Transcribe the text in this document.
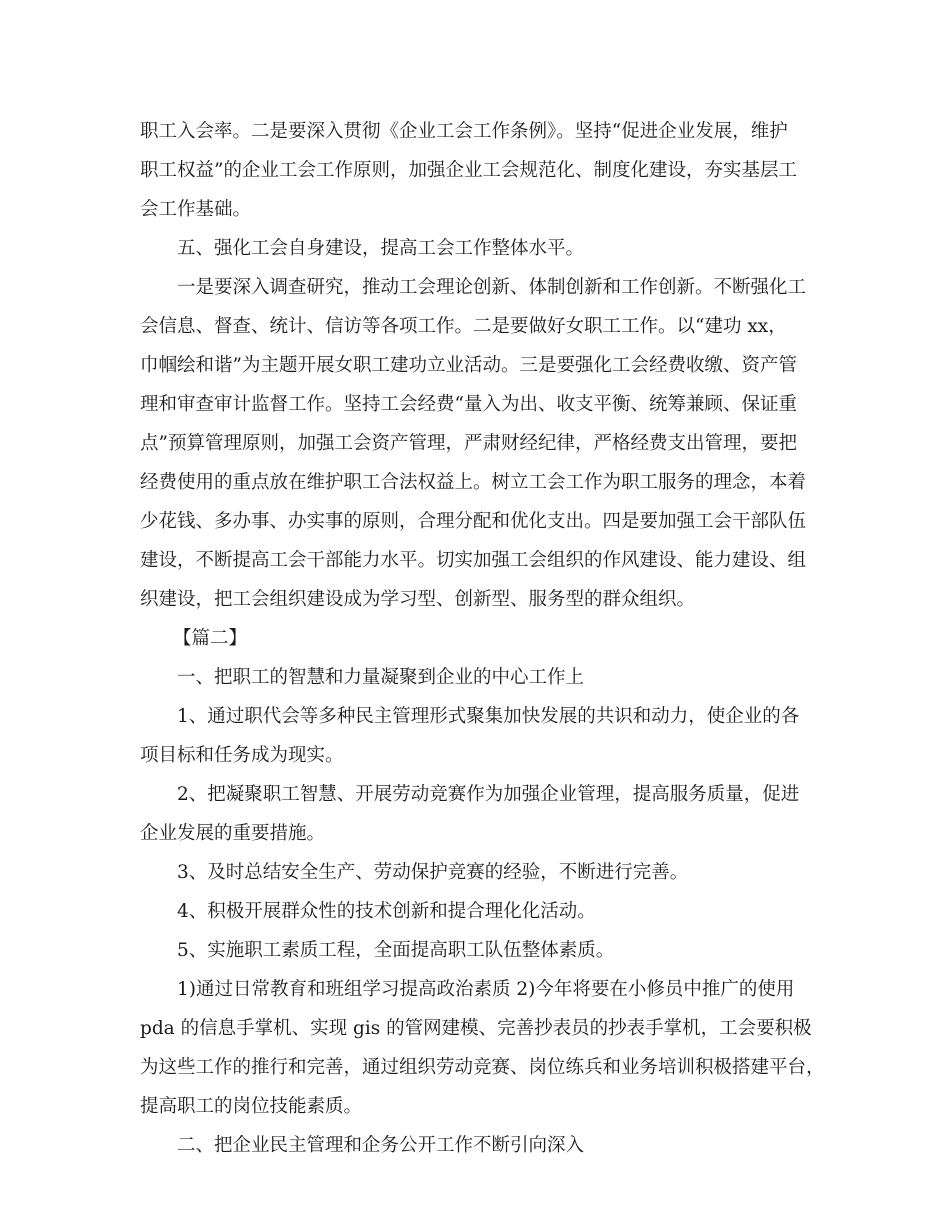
职工入会率。二是要深入贯彻《企业工会工作条例》。坚持“促进企业发展，维护
职工权益”的企业工会工作原则，加强企业工会规范化、制度化建设，夯实基层工
会工作基础。
五、强化工会自身建设，提高工会工作整体水平。
一是要深入调查研究，推动工会理论创新、体制创新和工作创新。不断强化工
会信息、督查、统计、信访等各项工作。二是要做好女职工工作。以“建功 xx，
巾帼绘和谐”为主题开展女职工建功立业活动。三是要强化工会经费收缴、资产管
理和审查审计监督工作。坚持工会经费“量入为出、收支平衡、统筹兼顾、保证重
点”预算管理原则，加强工会资产管理，严肃财经纪律，严格经费支出管理，要把
经费使用的重点放在维护职工合法权益上。树立工会工作为职工服务的理念，本着
少花钱、多办事、办实事的原则，合理分配和优化支出。四是要加强工会干部队伍
建设，不断提高工会干部能力水平。切实加强工会组织的作风建设、能力建设、组
织建设，把工会组织建设成为学习型、创新型、服务型的群众组织。
【篇二】
一、把职工的智慧和力量凝聚到企业的中心工作上
1、通过职代会等多种民主管理形式聚集加快发展的共识和动力，使企业的各
项目标和任务成为现实。
2、把凝聚职工智慧、开展劳动竞赛作为加强企业管理，提高服务质量，促进
企业发展的重要措施。
3、及时总结安全生产、劳动保护竞赛的经验，不断进行完善。
4、积极开展群众性的技术创新和提合理化化活动。
5、实施职工素质工程，全面提高职工队伍整体素质。
1)通过日常教育和班组学习提高政治素质 2)今年将要在小修员中推广的使用
pda 的信息手掌机、实现 gis 的管网建模、完善抄表员的抄表手掌机，工会要积极
为这些工作的推行和完善，通过组织劳动竞赛、岗位练兵和业务培训积极搭建平台，
提高职工的岗位技能素质。
二、把企业民主管理和企务公开工作不断引向深入
